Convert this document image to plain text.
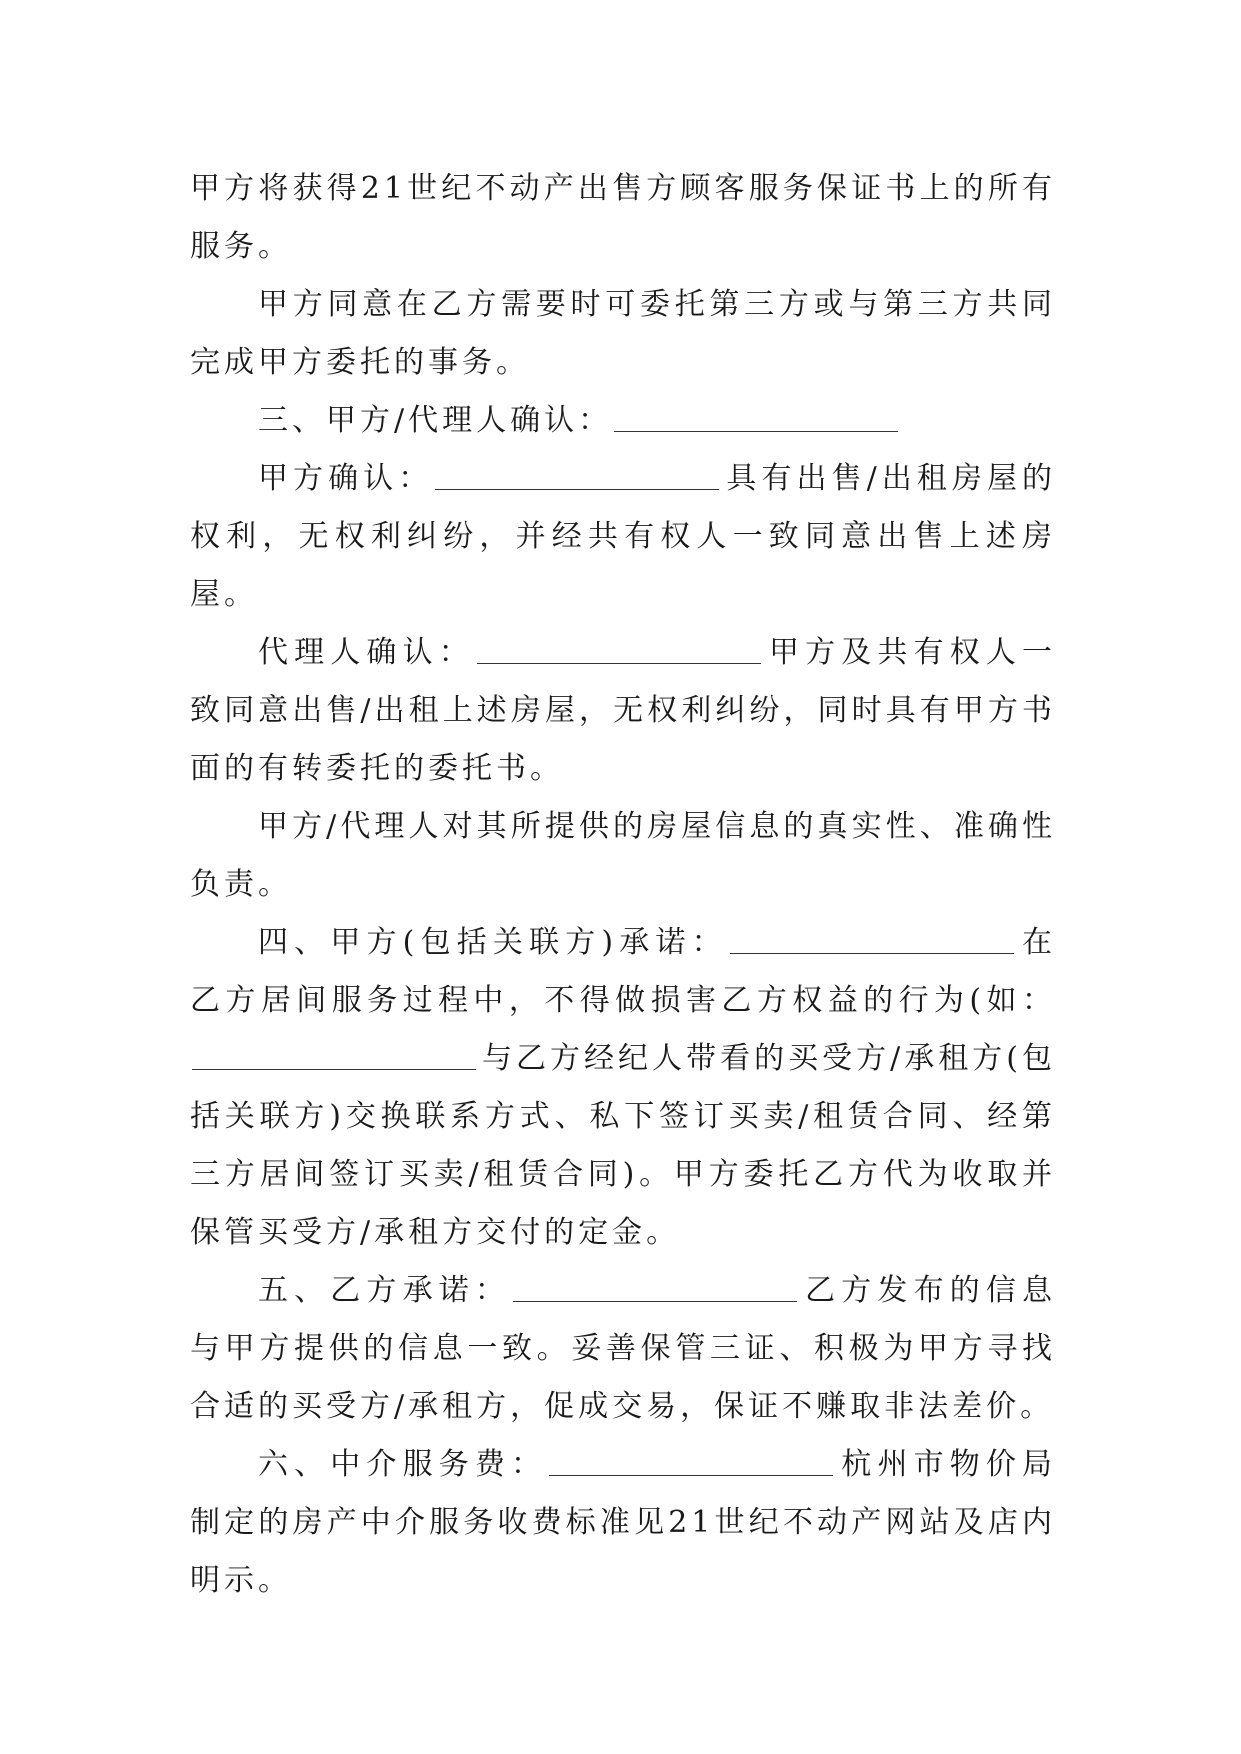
甲方将获得21世纪不动产出售方顾客服务保证书上的所有服务。

甲方同意在乙方需要时可委托第三方或与第三方共同完成甲方委托的事务。

三、甲方/代理人确认：

甲方确认：	具有出售/出租房屋的权利，无权利纠纷，并经共有权人一致同意出售上述房屋。

代理人确认：	甲方及共有权人一致同意出售/出租上述房屋，无权利纠纷，同时具有甲方书面的有转委托的委托书。

甲方/代理人对其所提供的房屋信息的真实性、准确性负责。

四、甲方(包括关联方)承诺：	在乙方居间服务过程中，不得做损害乙方权益的行为(如：与乙方经纪人带看的买受方/承租方(包括关联方)交换联系方式、私下签订买卖/租赁合同、经第三方居间签订买卖/租赁合同)。甲方委托乙方代为收取并保管买受方/承租方交付的定金。

五、乙方承诺：	乙方发布的信息与甲方提供的信息一致。妥善保管三证、积极为甲方寻找合适的买受方/承租方，促成交易，保证不赚取非法差价。

六、中介服务费：	杭州市物价局制定的房产中介服务收费标准见21世纪不动产网站及店内明示。
